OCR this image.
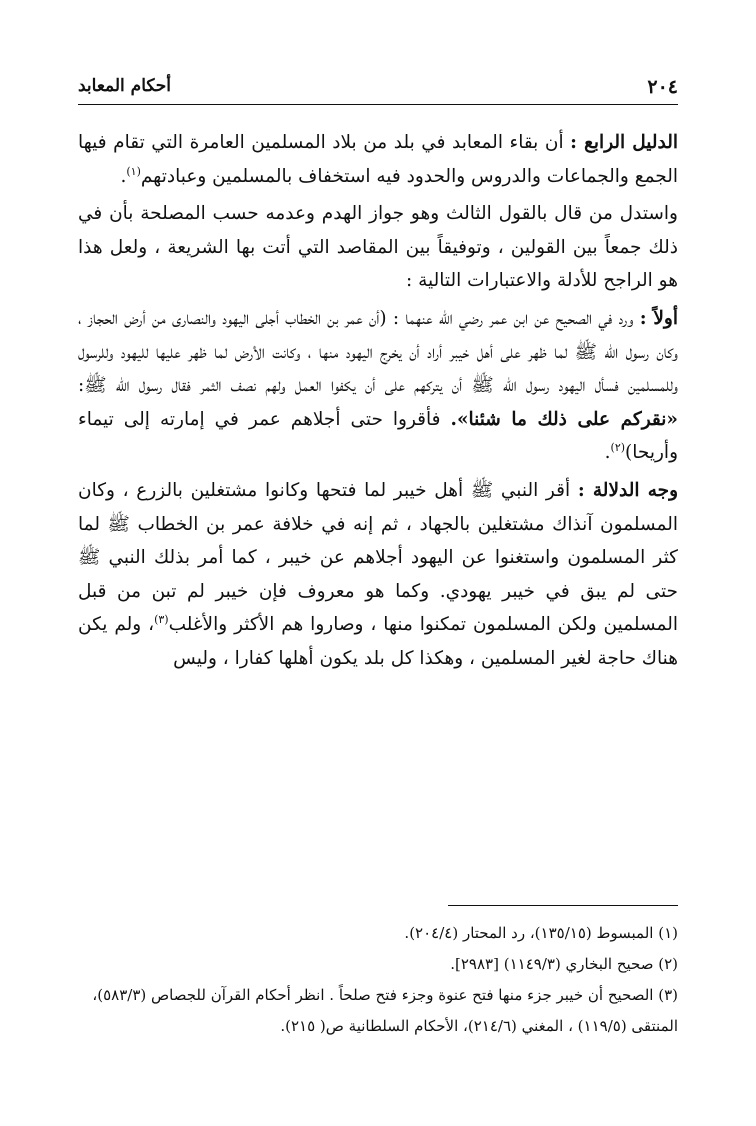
٢٠٤
أحكام المعابد

الدليل الرابع : أن بقاء المعابد في بلد من بلاد المسلمين العامرة التي تقام فيها الجمع والجماعات والدروس والحدود فيه استخفاف بالمسلمين وعبادتهم$^{(١)}$.

واستدل من قال بالقول الثالث وهو جواز الهدم وعدمه حسب المصلحة بأن في ذلك جمعاً بين القولين ، وتوفيقاً بين المقاصد التي أتت بها الشريعة ، ولعل هذا هو الراجح للأدلة والاعتبارات التالية :

أولاً : ورد في الصحيح عن ابن عمر رضي الله عنهما : (أن عمر بن الخطاب أجلى اليهود والنصارى من أرض الحجاز ، وكان رسول الله ﷺ لما ظهر على أهل خيبر أراد أن يخرج اليهود منها ، وكانت الأرض لما ظهر عليها لليهود وللرسول وللمسلمين فسأل اليهود رسول الله ﷺ أن يتركهم على أن يكفوا العمل ولهم نصف الثمر فقال رسول الله ﷺ: «نقركم على ذلك ما شئنا». فأقروا حتى أجلاهم عمر في إمارته إلى تيماء وأريحا)$^{(٢)}$.

وجه الدلالة : أقر النبي ﷺ أهل خيبر لما فتحها وكانوا مشتغلين بالزرع ، وكان المسلمون آنذاك مشتغلين بالجهاد ، ثم إنه في خلافة عمر بن الخطاب ﷺ لما كثر المسلمون واستغنوا عن اليهود أجلاهم عن خيبر ، كما أمر بذلك النبي ﷺ حتى لم يبق في خيبر يهودي. وكما هو معروف فإن خيبر لم تبن من قبل المسلمين ولكن المسلمون تمكنوا منها ، وصاروا هم الأكثر والأغلب$^{(٣)}$، ولم يكن هناك حاجة لغير المسلمين ، وهكذا كل بلد يكون أهلها كفارا ، وليس

(١) المبسوط (١٣٥/١٥)، رد المحتار (٢٠٤/٤).

(٢) صحيح البخاري (١١٤٩/٣) [٢٩٨٣].

(٣) الصحيح أن خيبر جزء منها فتح عنوة وجزء فتح صلحاً . انظر أحكام القرآن للجصاص (٥٨٣/٣)، المنتقى (١١٩/٥) ، المغني (٢١٤/٦)، الأحكام السلطانية ص( ٢١٥).
